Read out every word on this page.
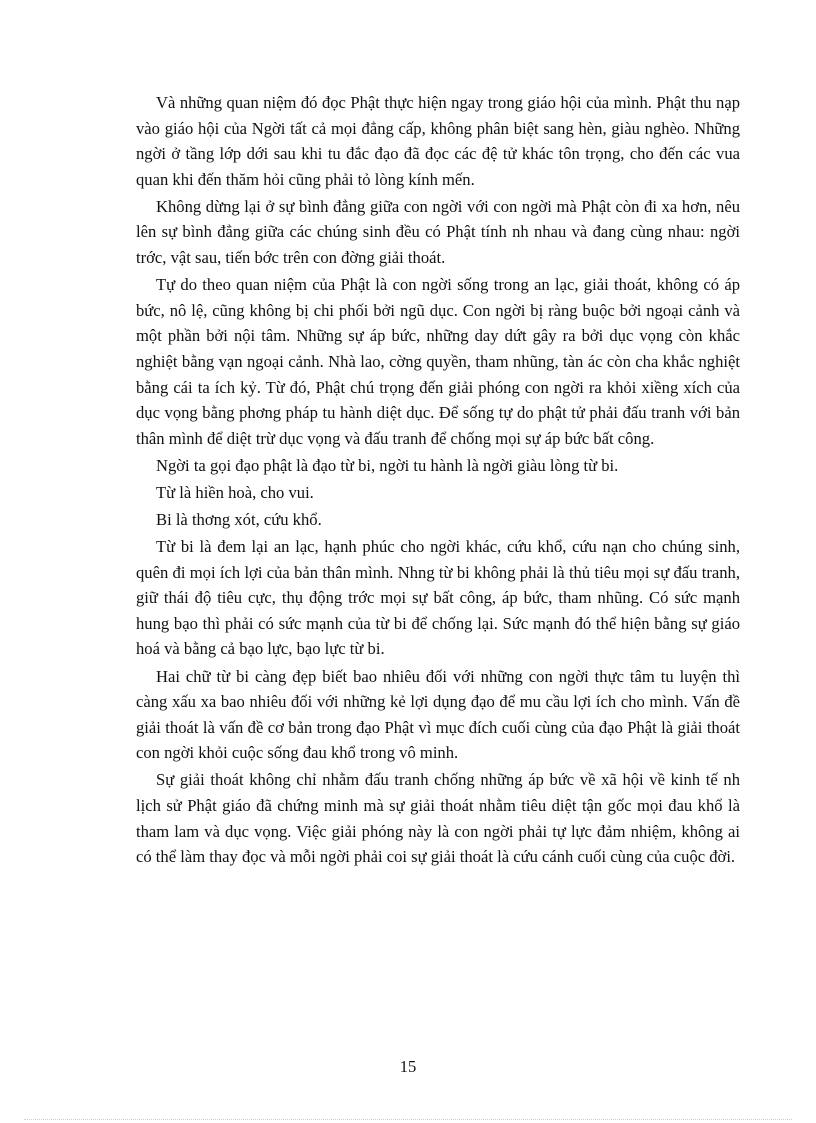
Và những quan niệm đó đọc Phật thực hiện ngay trong giáo hội của mình. Phật thu nạp vào giáo hội của Ngời tất cả mọi đẳng cấp, không phân biệt sang hèn, giàu nghèo. Những ngời ở tầng lớp dới sau khi tu đắc đạo đã đọc các đệ tử khác tôn trọng, cho đến các vua quan khi đến thăm hỏi cũng phải tỏ lòng kính mến.

Không dừng lại ở sự bình đẳng giữa con ngời với con ngời mà Phật còn đi xa hơn, nêu lên sự bình đẳng giữa các chúng sinh đều có Phật tính nh nhau và đang cùng nhau: ngời trớc, vật sau, tiến bớc trên con đờng giải thoát.

Tự do theo quan niệm của Phật là con ngời sống trong an lạc, giải thoát, không có áp bức, nô lệ, cũng không bị chi phối bởi ngũ dục. Con ngời bị ràng buộc bởi ngoại cảnh và một phần bởi nội tâm. Những sự áp bức, những day dứt gây ra bởi dục vọng còn khắc nghiệt bằng vạn ngoại cảnh. Nhà lao, cờng quyền, tham nhũng, tàn ác còn cha khắc nghiệt bằng cái ta ích kỷ. Từ đó, Phật chú trọng đến giải phóng con ngời ra khỏi xiềng xích của dục vọng bằng phơng pháp tu hành diệt dục. Để sống tự do phật tử phải đấu tranh với bản thân mình để diệt trừ dục vọng và đấu tranh để chống mọi sự áp bức bất công.

Ngời ta gọi đạo phật là đạo từ bi, ngời tu hành là ngời giàu lòng từ bi.

Từ là hiền hoà, cho vui.

Bi là thơng xót, cứu khổ.

Từ bi là đem lại an lạc, hạnh phúc cho ngời khác, cứu khổ, cứu nạn cho chúng sinh, quên đi mọi ích lợi của bản thân mình. Nhng từ bi không phải là thủ tiêu mọi sự đấu tranh, giữ thái độ tiêu cực, thụ động trớc mọi sự bất công, áp bức, tham nhũng. Có sức mạnh hung bạo thì phải có sức mạnh của từ bi để chống lại. Sức mạnh đó thể hiện bằng sự giáo hoá và bằng cả bạo lực, bạo lực từ bi.

Hai chữ từ bi càng đẹp biết bao nhiêu đối với những con ngời thực tâm tu luyện thì càng xấu xa bao nhiêu đối với những kẻ lợi dụng đạo để mu cầu lợi ích cho mình. Vấn đề giải thoát là vấn đề cơ bản trong đạo Phật vì mục đích cuối cùng của đạo Phật là giải thoát con ngời khỏi cuộc sống đau khổ trong vô minh.

Sự giải thoát không chỉ nhằm đấu tranh chống những áp bức về xã hội về kinh tế nh lịch sử Phật giáo đã chứng minh mà sự giải thoát nhằm tiêu diệt tận gốc mọi đau khổ là tham lam và dục vọng. Việc giải phóng này là con ngời phải tự lực đảm nhiệm, không ai có thể làm thay đọc và mỗi ngời phải coi sự giải thoát là cứu cánh cuối cùng của cuộc đời.

15
